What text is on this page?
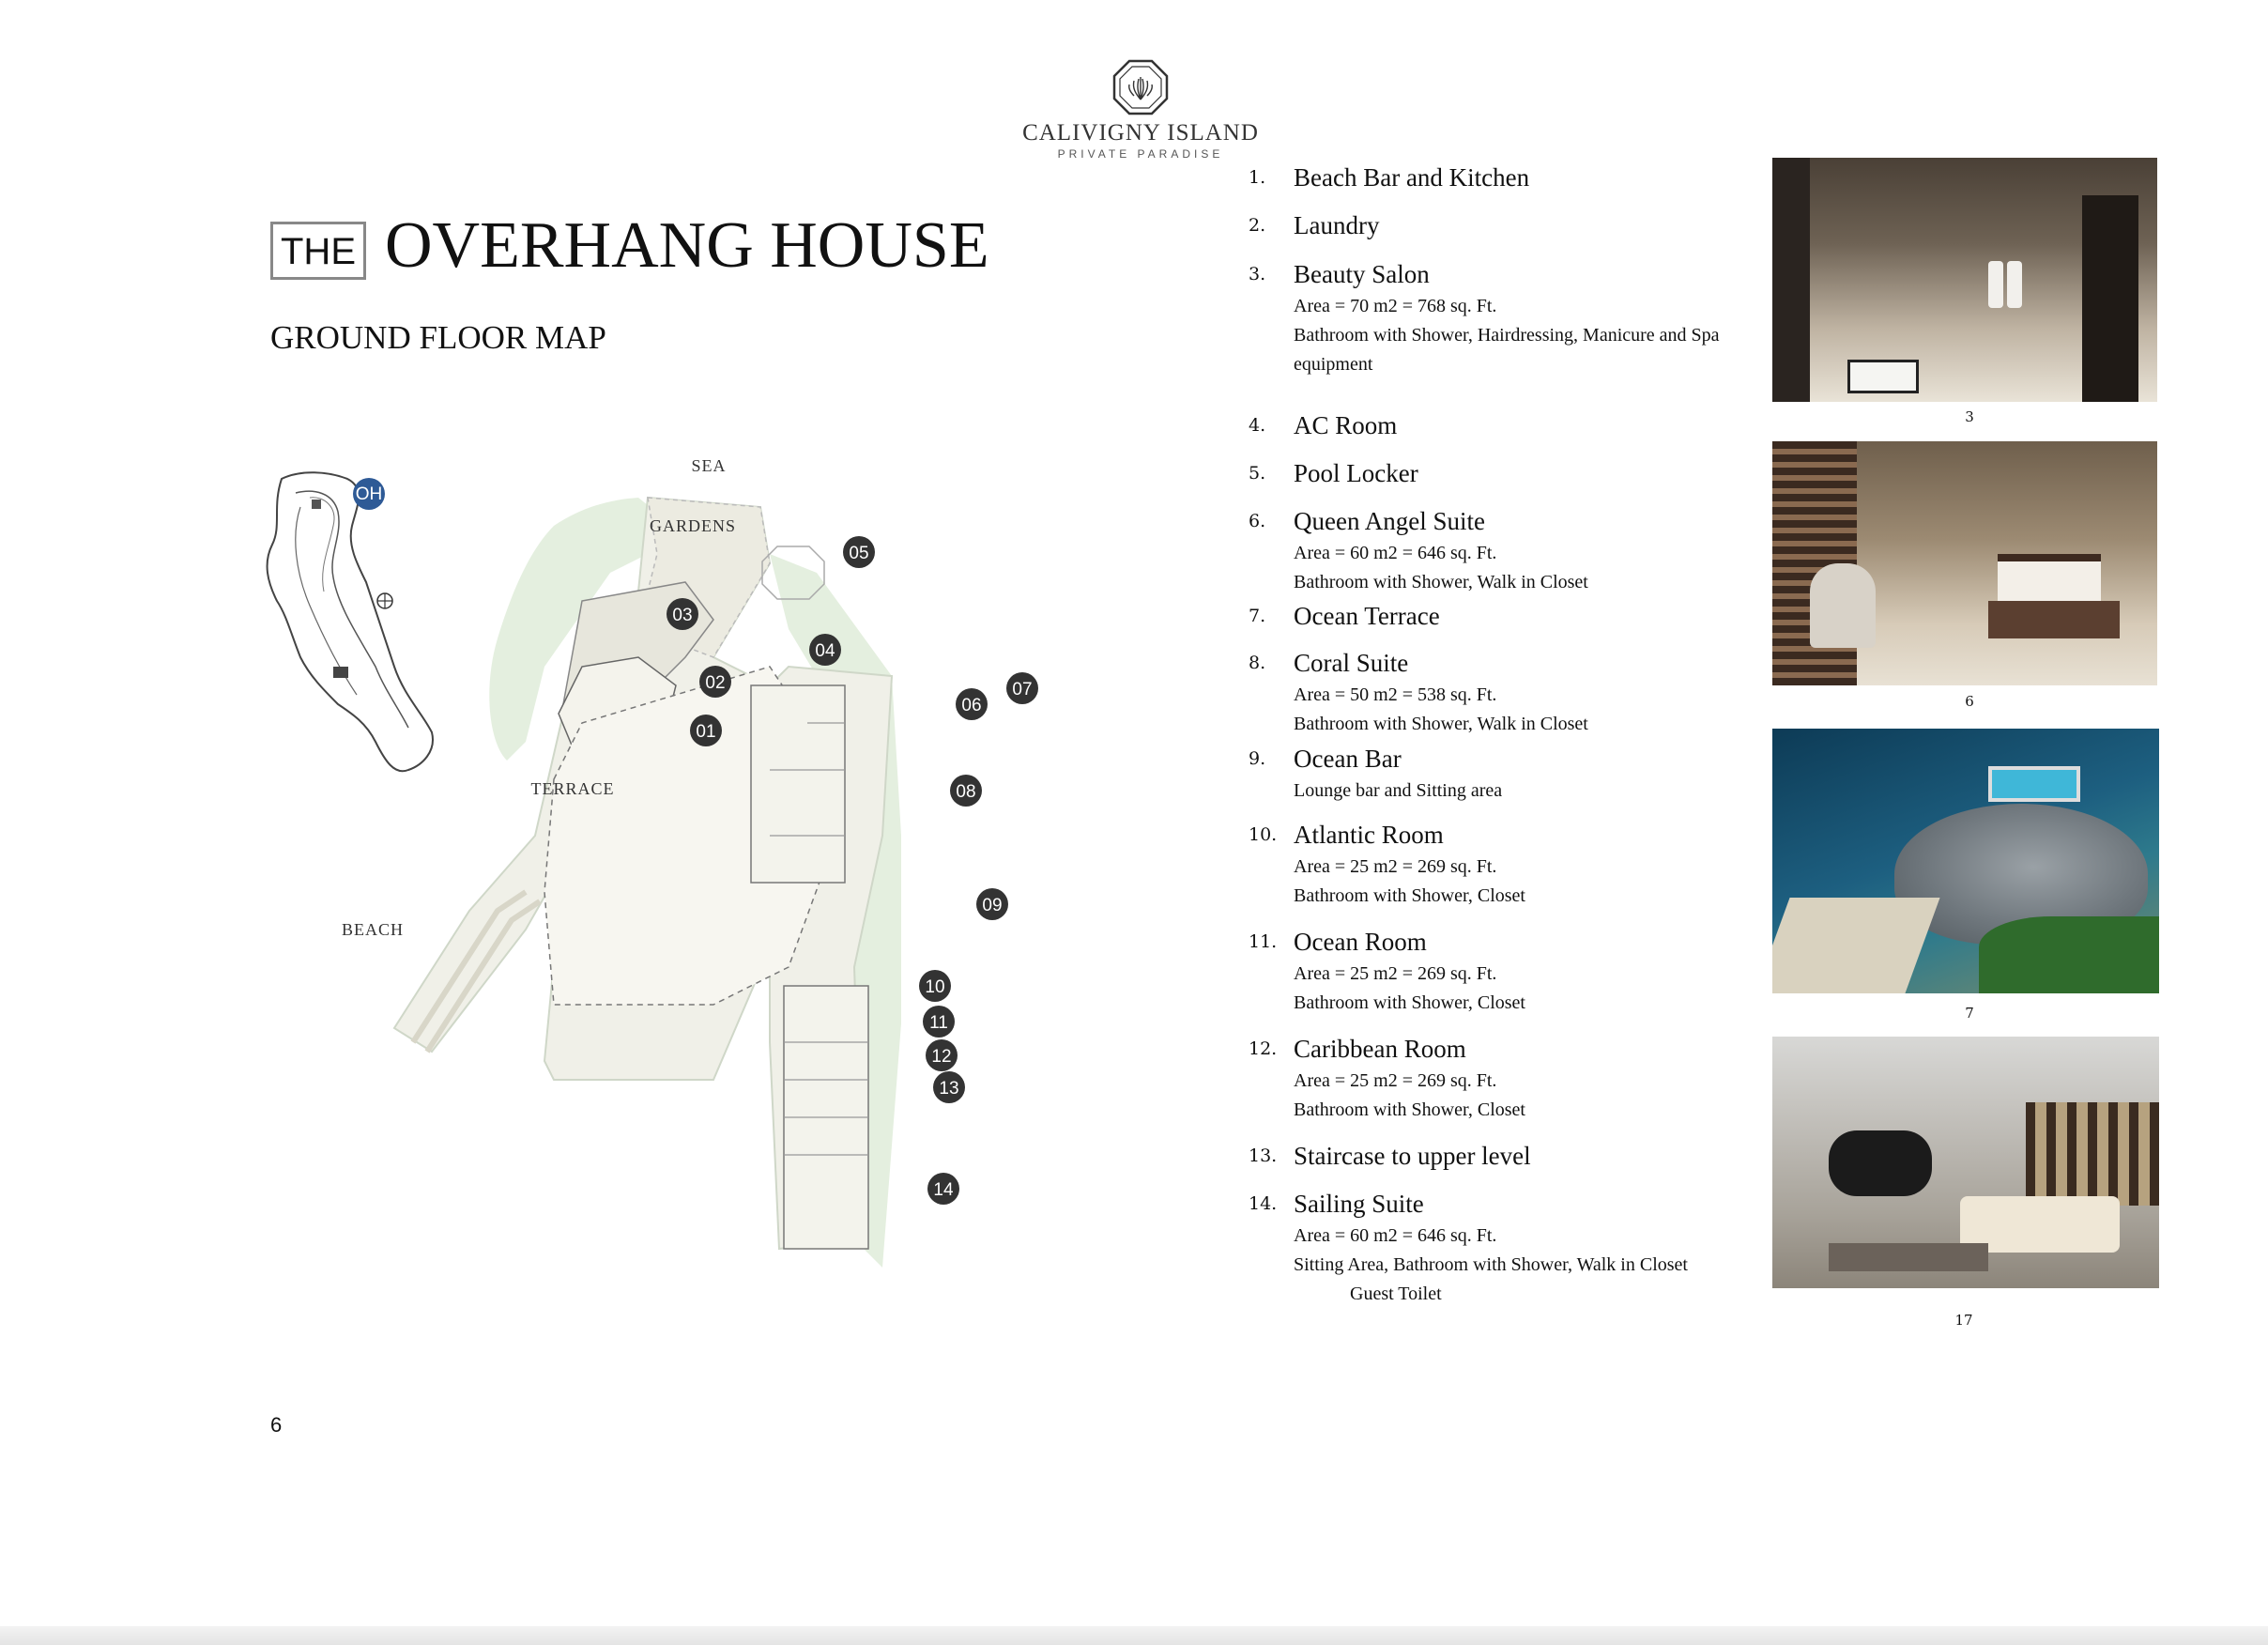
CALIVIGNY ISLAND
PRIVATE PARADISE
THE OVERHANG HOUSE
GROUND FLOOR MAP
OH
SEA
GARDENS
TERRACE
BEACH
01
02
03
04
05
06
07
08
09
10
11
12
13
14
6
1. Beach Bar and Kitchen
2. Laundry
3. Beauty Salon
Area = 70 m2 = 768 sq. Ft.
Bathroom with Shower, Hairdressing, Manicure and Spa equipment
4. AC Room
5. Pool Locker
6. Queen Angel Suite
Area = 60 m2 = 646 sq. Ft.
Bathroom with Shower, Walk in Closet
7. Ocean Terrace
8. Coral Suite
Area = 50 m2 = 538 sq. Ft.
Bathroom with Shower, Walk in Closet
9. Ocean Bar
Lounge bar and Sitting area
10. Atlantic Room
Area = 25 m2 = 269 sq. Ft.
Bathroom with Shower, Closet
11. Ocean Room
Area = 25 m2 = 269 sq. Ft.
Bathroom with Shower, Closet
12. Caribbean Room
Area = 25 m2 = 269 sq. Ft.
Bathroom with Shower, Closet
13. Staircase to upper level
14. Sailing Suite
Area = 60 m2 = 646 sq. Ft.
Sitting Area, Bathroom with Shower, Walk in Closet
Guest Toilet
3
6
7
17
